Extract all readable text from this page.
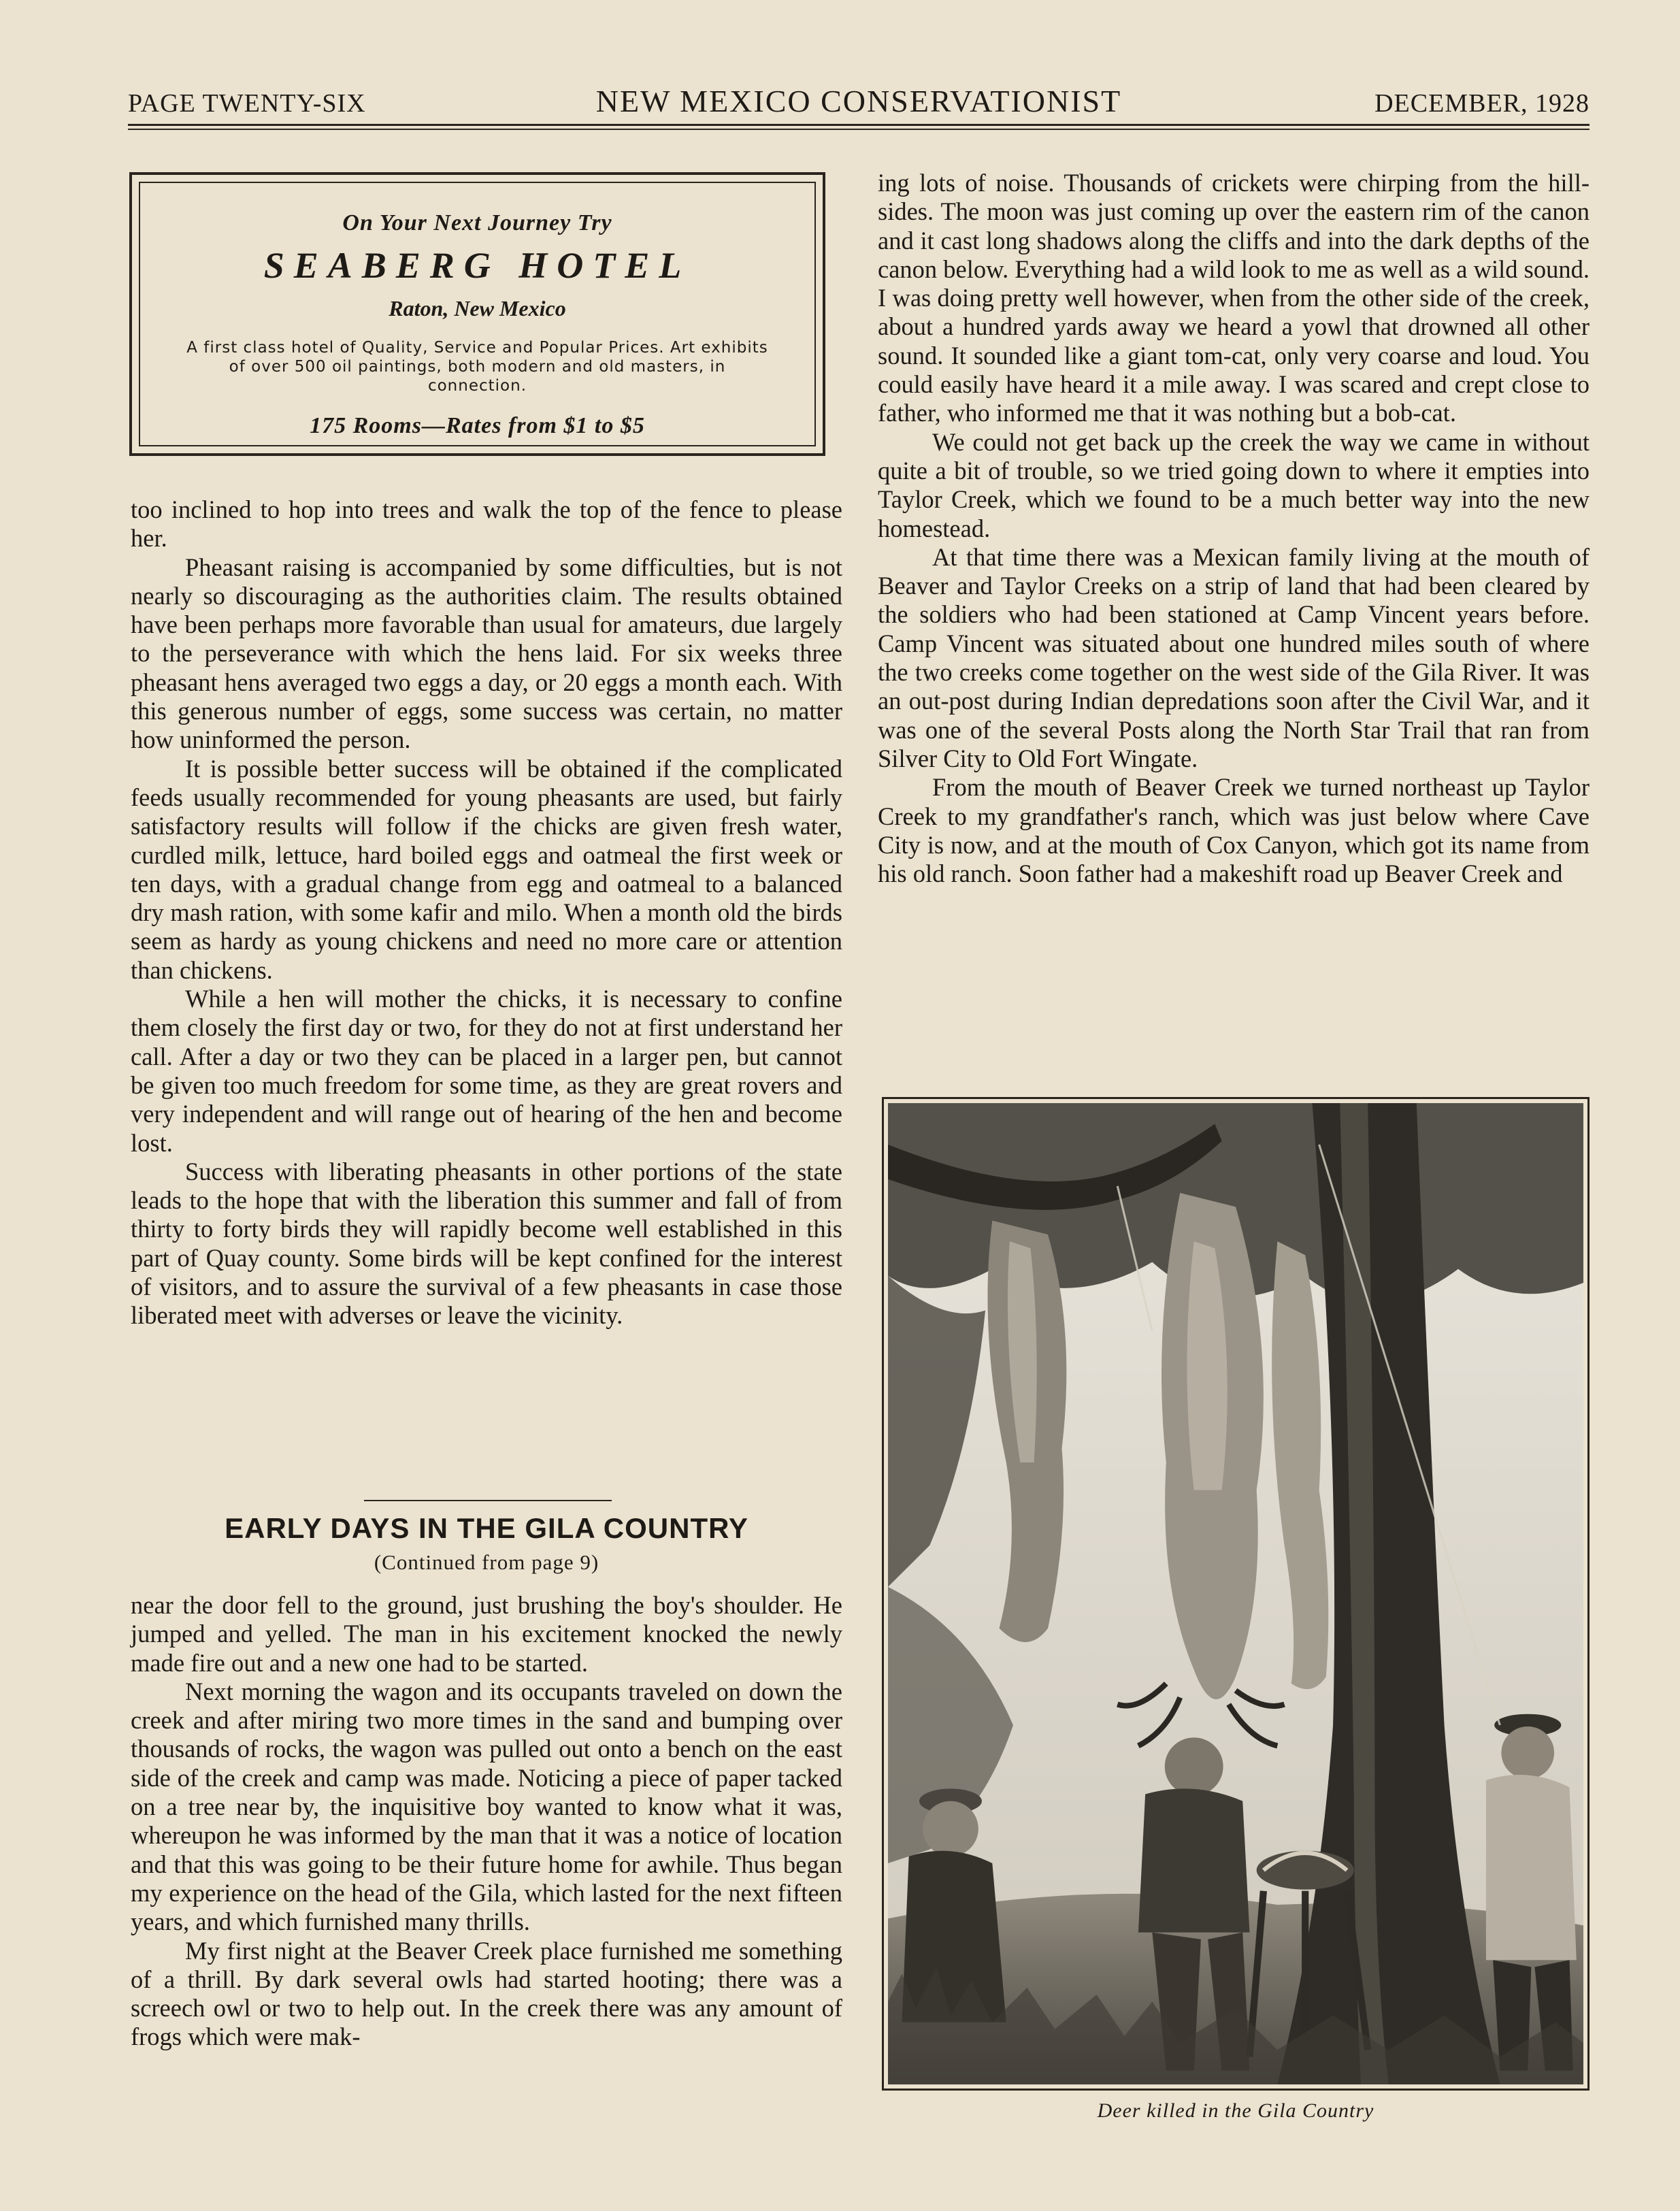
PAGE TWENTY-SIX	NEW MEXICO CONSERVATIONIST	DECEMBER, 1928
On Your Next Journey Try
SEABERG HOTEL
Raton, New Mexico
A first class hotel of Quality, Service and Popular Prices. Art exhibits of over 500 oil paintings, both modern and old masters, in connection.
175 Rooms—Rates from $1 to $5

too inclined to hop into trees and walk the top of the fence to please her.

Pheasant raising is accompanied by some difficulties, but is not nearly so discouraging as the authorities claim. The results obtained have been perhaps more favorable than usual for amateurs, due largely to the perseverance with which the hens laid. For six weeks three pheasant hens averaged two eggs a day, or 20 eggs a month each. With this generous number of eggs, some success was certain, no matter how uninformed the person.

It is possible better success will be obtained if the complicated feeds usually recommended for young pheasants are used, but fairly satisfactory results will follow if the chicks are given fresh water, curdled milk, lettuce, hard boiled eggs and oatmeal the first week or ten days, with a gradual change from egg and oatmeal to a balanced dry mash ration, with some kafir and milo. When a month old the birds seem as hardy as young chickens and need no more care or attention than chickens.

While a hen will mother the chicks, it is necessary to confine them closely the first day or two, for they do not at first understand her call. After a day or two they can be placed in a larger pen, but cannot be given too much freedom for some time, as they are great rovers and very independent and will range out of hearing of the hen and become lost.

Success with liberating pheasants in other portions of the state leads to the hope that with the liberation this summer and fall of from thirty to forty birds they will rapidly become well established in this part of Quay county. Some birds will be kept confined for the interest of visitors, and to assure the survival of a few pheasants in case those liberated meet with adverses or leave the vicinity.

EARLY DAYS IN THE GILA COUNTRY
(Continued from page 9)

near the door fell to the ground, just brushing the boy's shoulder. He jumped and yelled. The man in his excitement knocked the newly made fire out and a new one had to be started.

Next morning the wagon and its occupants traveled on down the creek and after miring two more times in the sand and bumping over thousands of rocks, the wagon was pulled out onto a bench on the east side of the creek and camp was made. Noticing a piece of paper tacked on a tree near by, the inquisitive boy wanted to know what it was, whereupon he was informed by the man that it was a notice of location and that this was going to be their future home for awhile. Thus began my experience on the head of the Gila, which lasted for the next fifteen years, and which furnished many thrills.

My first night at the Beaver Creek place furnished me something of a thrill. By dark several owls had started hooting; there was a screech owl or two to help out. In the creek there was any amount of frogs which were mak-

ing lots of noise. Thousands of crickets were chirping from the hill-sides. The moon was just coming up over the eastern rim of the canon and it cast long shadows along the cliffs and into the dark depths of the canon below. Everything had a wild look to me as well as a wild sound. I was doing pretty well however, when from the other side of the creek, about a hundred yards away we heard a yowl that drowned all other sound. It sounded like a giant tom-cat, only very coarse and loud. You could easily have heard it a mile away. I was scared and crept close to father, who informed me that it was nothing but a bob-cat.

We could not get back up the creek the way we came in without quite a bit of trouble, so we tried going down to where it empties into Taylor Creek, which we found to be a much better way into the new homestead.

At that time there was a Mexican family living at the mouth of Beaver and Taylor Creeks on a strip of land that had been cleared by the soldiers who had been stationed at Camp Vincent years before. Camp Vincent was situated about one hundred miles south of where the two creeks come together on the west side of the Gila River. It was an out-post during Indian depredations soon after the Civil War, and it was one of the several Posts along the North Star Trail that ran from Silver City to Old Fort Wingate.

From the mouth of Beaver Creek we turned northeast up Taylor Creek to my grandfather's ranch, which was just below where Cave City is now, and at the mouth of Cox Canyon, which got its name from his old ranch. Soon father had a makeshift road up Beaver Creek and

Deer killed in the Gila Country
